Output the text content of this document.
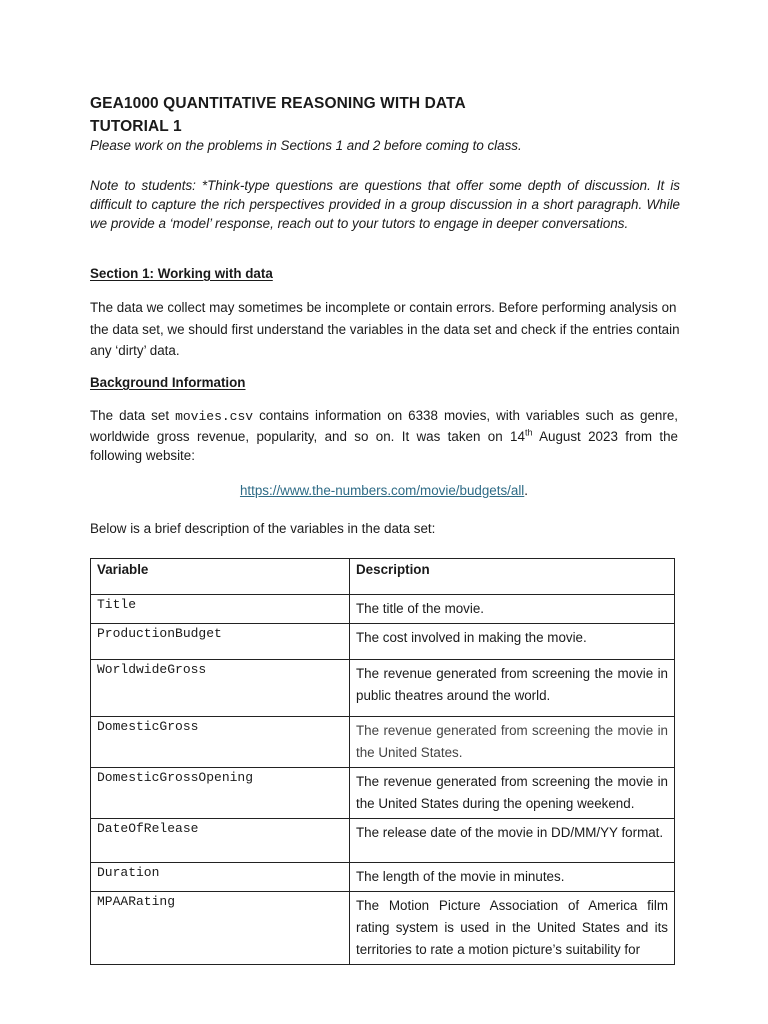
GEA1000 QUANTITATIVE REASONING WITH DATA
TUTORIAL 1
Please work on the problems in Sections 1 and 2 before coming to class.
Note to students: *Think-type questions are questions that offer some depth of discussion. It is difficult to capture the rich perspectives provided in a group discussion in a short paragraph. While we provide a ‘model’ response, reach out to your tutors to engage in deeper conversations.
Section 1: Working with data
The data we collect may sometimes be incomplete or contain errors. Before performing analysis on the data set, we should first understand the variables in the data set and check if the entries contain any ‘dirty’ data.
Background Information
The data set movies.csv contains information on 6338 movies, with variables such as genre, worldwide gross revenue, popularity, and so on. It was taken on 14th August 2023 from the following website:
https://www.the-numbers.com/movie/budgets/all.
Below is a brief description of the variables in the data set:
Variable	Description
Title	The title of the movie.
ProductionBudget	The cost involved in making the movie.
WorldwideGross	The revenue generated from screening the movie in public theatres around the world.
DomesticGross	The revenue generated from screening the movie in the United States.
DomesticGrossOpening	The revenue generated from screening the movie in the United States during the opening weekend.
DateOfRelease	The release date of the movie in DD/MM/YY format.
Duration	The length of the movie in minutes.
MPAARating	The Motion Picture Association of America film rating system is used in the United States and its territories to rate a motion picture’s suitability for
